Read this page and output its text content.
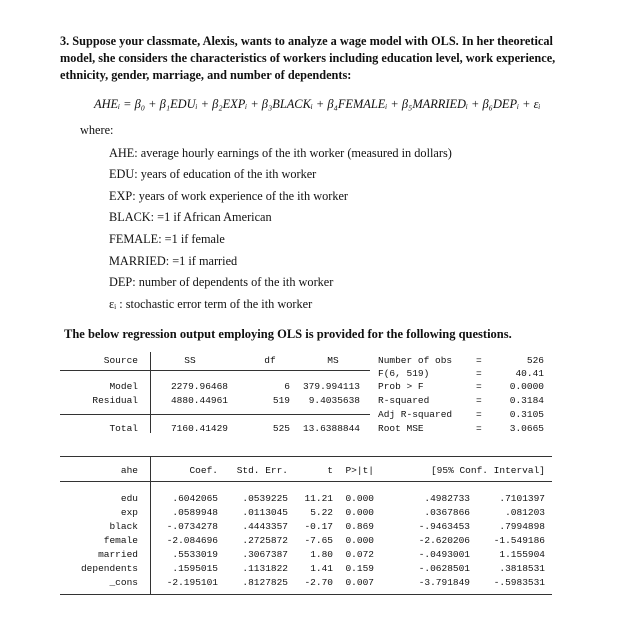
3. Suppose your classmate, Alexis, wants to analyze a wage model with OLS. In her theoretical model, she considers the characteristics of workers including education level, work experience, ethnicity, gender, marriage, and number of dependents:
AHEᵢ = β₀ + β₁EDUᵢ + β₂EXPᵢ + β₃BLACKᵢ + β₄FEMALEᵢ + β₅MARRIEDᵢ + β₆DEPᵢ + εᵢ
where:
AHE: average hourly earnings of the ith worker (measured in dollars)
EDU: years of education of the ith worker
EXP: years of work experience of the ith worker
BLACK: =1 if African American
FEMALE: =1 if female
MARRIED: =1 if married
DEP: number of dependents of the ith worker
εᵢ : stochastic error term of the ith worker
The below regression output employing OLS is provided for the following questions.
Source	SS	df	MS
Model	2279.96468	6	379.994113
Residual	4880.44961	519	9.4035638
Total	7160.41429	525	13.6388844
Number of obs	=	526
F(6, 519)	=	40.41
Prob > F	=	0.0000
R-squared	=	0.3184
Adj R-squared	=	0.3105
Root MSE	=	3.0665
ahe	Coef.	Std. Err.	t	P>|t|	[95% Conf. Interval]
edu	.6042065	.0539225	11.21	0.000	.4982733	.7101397
exp	.0589948	.0113045	5.22	0.000	.0367866	.081203
black	-.0734278	.4443357	-0.17	0.869	-.9463453	.7994898
female	-2.084696	.2725872	-7.65	0.000	-2.620206	-1.549186
married	.5533019	.3067387	1.80	0.072	-.0493001	1.155904
dependents	.1595015	.1131822	1.41	0.159	-.0628501	.3818531
_cons	-2.195101	.8127825	-2.70	0.007	-3.791849	-.5983531
